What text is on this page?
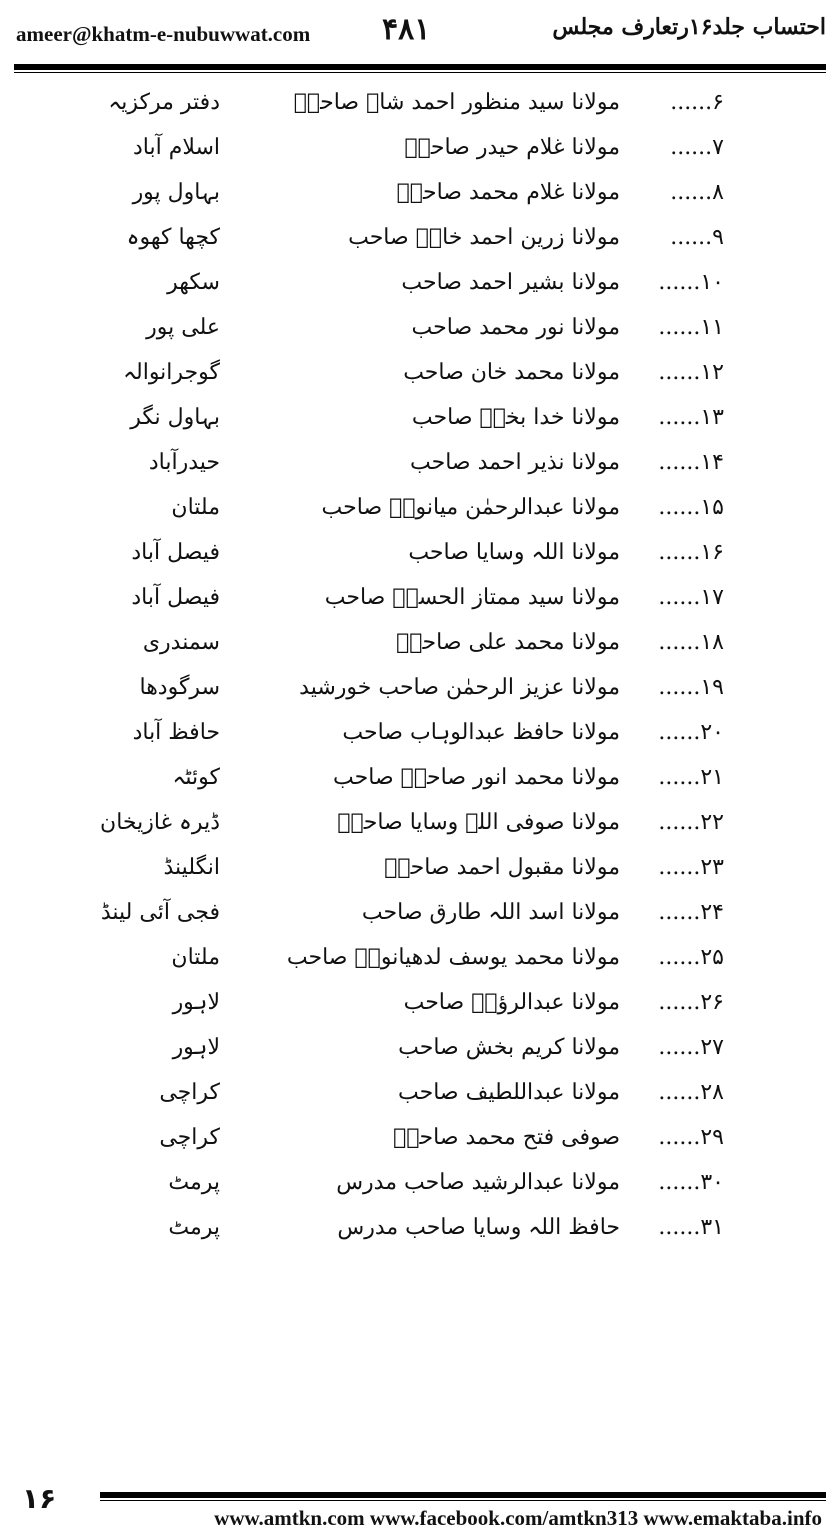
ameer@khatm-e-nubuwwat.com ۴۸۱	احتساب جلد۱۶رتعارف مجلس
۶......
مولانا سید منظور احمد شاہ صاحبؒ
دفتر مرکزیہ
۷......
مولانا غلام حیدر صاحبؒ
اسلام آباد
۸......
مولانا غلام محمد صاحبؒ
بہاول پور
۹......
مولانا زرین احمد خانؒ صاحب
کچھا کھوہ
۱۰......
مولانا بشیر احمد صاحب
سکھر
۱۱......
مولانا نور محمد صاحب
علی پور
۱۲......
مولانا محمد خان صاحب
گوجرانوالہ
۱۳......
مولانا خدا بخشؒ صاحب
بہاول نگر
۱۴......
مولانا نذیر احمد صاحب
حیدرآباد
۱۵......
مولانا عبدالرحمٰن میانویؒ صاحب
ملتان
۱۶......
مولانا اللہ وسایا صاحب
فیصل آباد
۱۷......
مولانا سید ممتاز الحسنؒ صاحب
فیصل آباد
۱۸......
مولانا محمد علی صاحبؒ
سمندری
۱۹......
مولانا عزیز الرحمٰن صاحب خورشید
سرگودھا
۲۰......
مولانا حافظ عبدالوہاب صاحب
حافظ آباد
۲۱......
مولانا محمد انور صاحبؒ صاحب
کوئٹہ
۲۲......
مولانا صوفی اللہ وسایا صاحبؒ
ڈیرہ غازیخان
۲۳......
مولانا مقبول احمد صاحبؒ
انگلینڈ
۲۴......
مولانا اسد اللہ طارق صاحب
فجی آئی لینڈ
۲۵......
مولانا محمد یوسف لدھیانویؒ صاحب
ملتان
۲۶......
مولانا عبدالرؤفؒ صاحب
لاہور
۲۷......
مولانا کریم بخش صاحب
لاہور
۲۸......
مولانا عبداللطیف صاحب
کراچی
۲۹......
صوفی فتح محمد صاحبؒ
کراچی
۳۰......
مولانا عبدالرشید صاحب مدرس
پرمٹ
۳۱......
حافظ اللہ وسایا صاحب مدرس
پرمٹ
۱۶
www.amtkn.com www.facebook.com/amtkn313 www.emaktaba.info
